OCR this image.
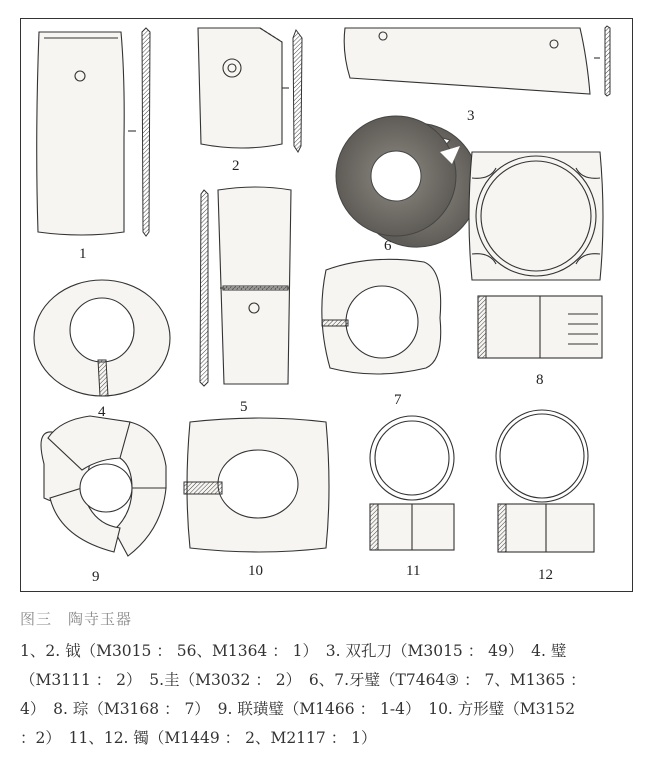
1
2
3
4	5
6
7
8
9	10	11	12
图三　陶寺玉器
1、2. 钺（M3015 ： 56、M1364 ： 1）　3. 双孔刀（M3015 ： 49）　4. 璧
（M3111 ： 2）　5.圭（M3032 ： 2）　6、7.牙璧（T7464③ ： 7、M1365 ：
4）　8. 琮（M3168 ： 7）　9. 联璜璧（M1466 ： 1-4）　10. 方形璧（M3152
：2）　11、12. 镯（M1449 ： 2、M2117 ： 1）
